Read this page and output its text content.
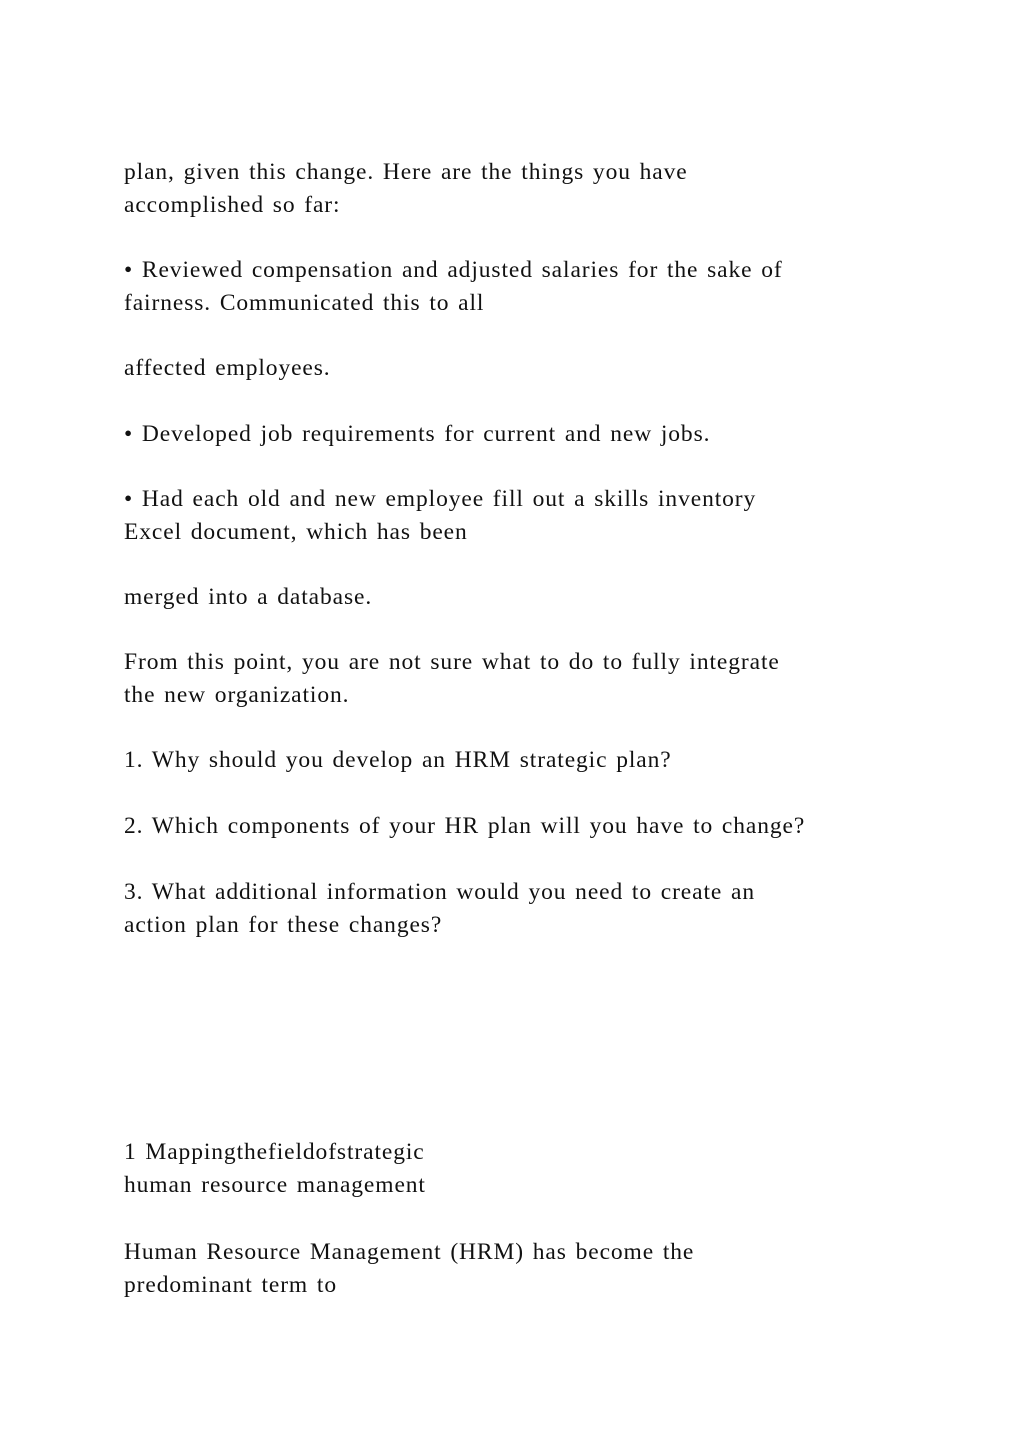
plan, given this change. Here are the things you have
accomplished so far:

• Reviewed compensation and adjusted salaries for the sake of
fairness. Communicated this to all

affected employees.

• Developed job requirements for current and new jobs.

• Had each old and new employee fill out a skills inventory
Excel document, which has been

merged into a database.

From this point, you are not sure what to do to fully integrate
the new organization.

1. Why should you develop an HRM strategic plan?

2. Which components of your HR plan will you have to change?

3. What additional information would you need to create an
action plan for these changes?

1 Mappingthefieldofstrategic
human resource management

Human Resource Management (HRM) has become the
predominant term to
